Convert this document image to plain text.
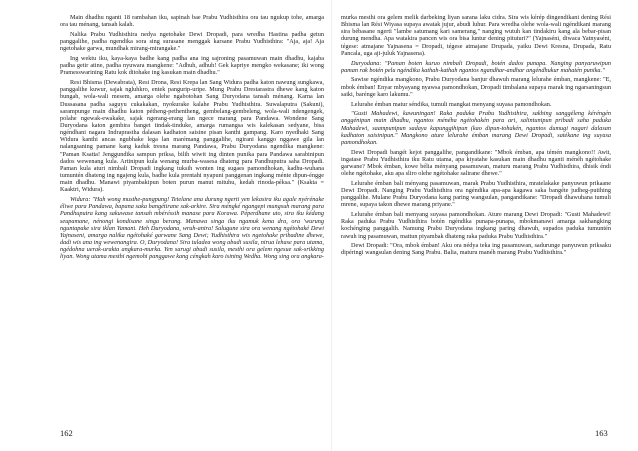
Main dhadhu nganti 18 rambahan iku, sapinah bae Prabu Yudhisthira ora tau ngukup tohe, amarga ora tau ménang, tansah kalah.

Nalika Prabu Yudhisthira nedya ngetohake Dewi Dropadi, para wredha Hastina padha getun panggalihe, padha ngendika sora sing surasane menggak karsane Prabu Yudhisthira: "Aja, aja! Aja ngetohake garwa, mundhak mirang-mirangake."

Ing wektu iku, kaya-kaya badhe kang padha ana ing sajroning pasamuwan main dhadhu, kajaba padha getir atine, padha nyuwara mangkene: "Adhuh, adhuh! Gek kapriye mengko wekasane; iki wong Pramesswarining Ratu kok ditohake ing kasukan main dhadhu."

Resi Bhisma (Dewabrata), Resi Drona, Resi Krepa lan Sang Widura padha katon nawung sungkawa, panggalihe kuwur, sajak ngluhkro, entek pangurip-uripe. Mung Prabu Drestarastra dhewe kang katon bungah, wola-wali mesem, amarga olehe ngabotohan Sang Duryodana tansah ménang. Karna lan Dussasana padha saguyu cukakakan, nyokurake kalahe Prabu Yudhisthira. Suwalaputra (Sakuni), sarampunge main dhadhu katon pétheng-pethentheng, gembelang-gembeleng, wola-wali ndengengek, polahe ngewak-ewakake, sajak ngerang-erang lan ngece marang para Pandawa. Wondene Sang Duryodana katon gembira banget tindak-tinduke, amarga rumangsa wis kalekasan sedyane, bisa ngéndhani nagara Indraprastha dalasan kadhaton saisine pisan kanthi gampang. Karo nyedhaki Sang Widura kanthi ancas ngubhake lega lan marémang panggalihe, ngirani kanggo nggawe gila lan nalangsaning pamane kang kaduk tresna marang Pandawa, Prabu Duryodana ngendika mangkene: "Paman Ksatta! Jenggundika sampun priksa, bilih wiwit ing dinten punika para Pandawa sarabinipun dados wewenang kula. Artinipun kula wenang murba-wasesa dhateng para Pandhuputra saha Dropadi. Paman kula aturi nimbali Dropadi ingkang tuksih wonten ing sugaes pamondhokan, kadhu-wuhana tumuntén dhateng ing ngajeng kula, badhe kula prentahi nyapuni panggenan ingkang ménte dipun-éngge main dhadhu. Manawi piyambakipun boten purun manut mituhu, kedah rinoda-péksa." (Ksakta = Kaaktri, Widura).

Widura: "Hah wong musthe-pungpung! Tetelane ana durung ngerti yen lekasira iku agale nyérénake éliwe para Pandawa, bapana saka bangétirane sak-arkire. Sira méngké ngangepi mungsuh marang para Pandhuputra kang sakuwase tansah mbéréssih manase para Korawa. Péperdhane uto, sira iku kédang seupamane, nénongi kondisane singa berang. Manawa singa iku ngamuk kena dra, ora 'wurung nguntapake sira iklan Yamani. Heh Duryodana, wruh-anira! Salugune sira ora wenang ngétohaké Dewi Yajnaseni, amarga nalika ngétohaké garwane Sang Dewi; Yudhisthira wis ngetohake pribadine dhewe, dadi wis ana ing wewenangira. O, Duryodana! Sira tuladea wong abudi susila, nirua lehase para utama, ngédohna uerak-urakta angkara-murka. Yen sarugi abudi susila, mesthi ora gelem ngesue sak-srikking liyan. Wong utama mesthi ngemohi panggawe kang céngkah karo isining Wedha. Wong sing ora angkara-

162

murka mesthi ora gelem melik darbeking liyan sarana laku cidra. Sira wis kérép dingendikani dening Rési Bhisma lan Rési Wiyasa supaya awatak jujur, abudi luhur. Para wredha olehe wola-wali ngéndikani marang sira bébasane ngerti "lambe satumang kari samerang," nanging wutuh kan tindakiru kang ala bebar-pisan durung mendha. Apa watakira pancen wis ora bisa luntur dening pituturi?" (Yajnaséni, diwaca Yatnyaséni, tégese: atmajane Yajnasena = Dropadi, tégese atmajane Drupada, yaiku Dewi Kresna, Drupada, Ratu Pancala, uga aji-juluk Yajnasena).

Duryodana: "Paman boten kuruo nimbali Dropadi, botén dados punapa. Nanging panyaruwipun paman rak botén pelu ngéndika kathah-kathah ngantos ngandhar-andhar angéndhukur mahatén punika."

Sawise ngéndika mangkono, Prabu Duryodana banjur dhawuh marang lelurahe émban, mangkene: "E, mbok émban! Enyar mbyayang nyawsa pamondhokan, Dropadi timbalana supaya marak ing ngarsaningsun saiki, barénge karo lakumu."

Lelurahe émban matur séndika, tumuli mangkat menyang suyasa pamondhokan.

"Gusti Mahadewi, kawuningan! Raka paduka Prabu Yudhisthira, sakhing sanggéleng kéréngén anggénipun main dhadhu, ngantos ménéha ngétohakén para ari, salintunipun pribadi saha paduka Mahadewi, saampunipun sadaya kapunggihipun (kao dipun-tohakén, ngantos dumugi nagari dalasan kadhaton saisinipun." Mangkono ature lelurahe émban marang Dewi Dropadi, satékane ing suyasa pamondhokan.

Dewi Dropadi bangét kejot panggalihe, pangandikane: "Mbok émban, apa témén mangkono!! Awit, ingatase Prabu Yudhisthira iku Ratu utama, apa kiyatahe kasukan main dhadhu nganti ménéh ngétohake garwane? Mbok émban, kowe bélia ményang pasamuwan, maturu marang Prabu Yudhisthira, dhisik éndi olehe ngétohake, aku apa sliro olehe ngétohake salirane dhewe."

Lelurahe émban bali ményang pasamuwan, marak Prabu Yudhisthira, mratelakake panyuwun prikaane Dewi Dropadi. Nanging Prabu Yudhisthira ora ngéndika apa-apa kagawa saka bangéte judheg-putihing panggalihe. Mulane Prabu Duryodana kang paring wangsulan, pangandikane: "Dropadi dhawuhana tumuli mrene, supaya takon dhewe marang priyane."

Lelurahe émban bali menyang suyasa pamondhokan. Ature marang Dewi Dropadi: "Gusti Mahadewi! Raka paduka Prabu Yudhisthira botén ngéndika punapa-punapa, mbokmanawi amarga sakhangking kochénging panggalih. Namung Prabu Duryodana ingkang paring dhawuh, supados paduka tumuntén rawuh ing pasamuwan, mattun piyambak dhateng raka paduka Prabu Yudhisthira."

Dewi Dropadi: "Ora, mbok émban! Aku ora nédya teka ing pasamuwan, sadurunge panyuwun priksaku dipéringi wangsulan dening Sang Prabu. Balia, maturu manéh marang Prabu Yudhisthira."

163
